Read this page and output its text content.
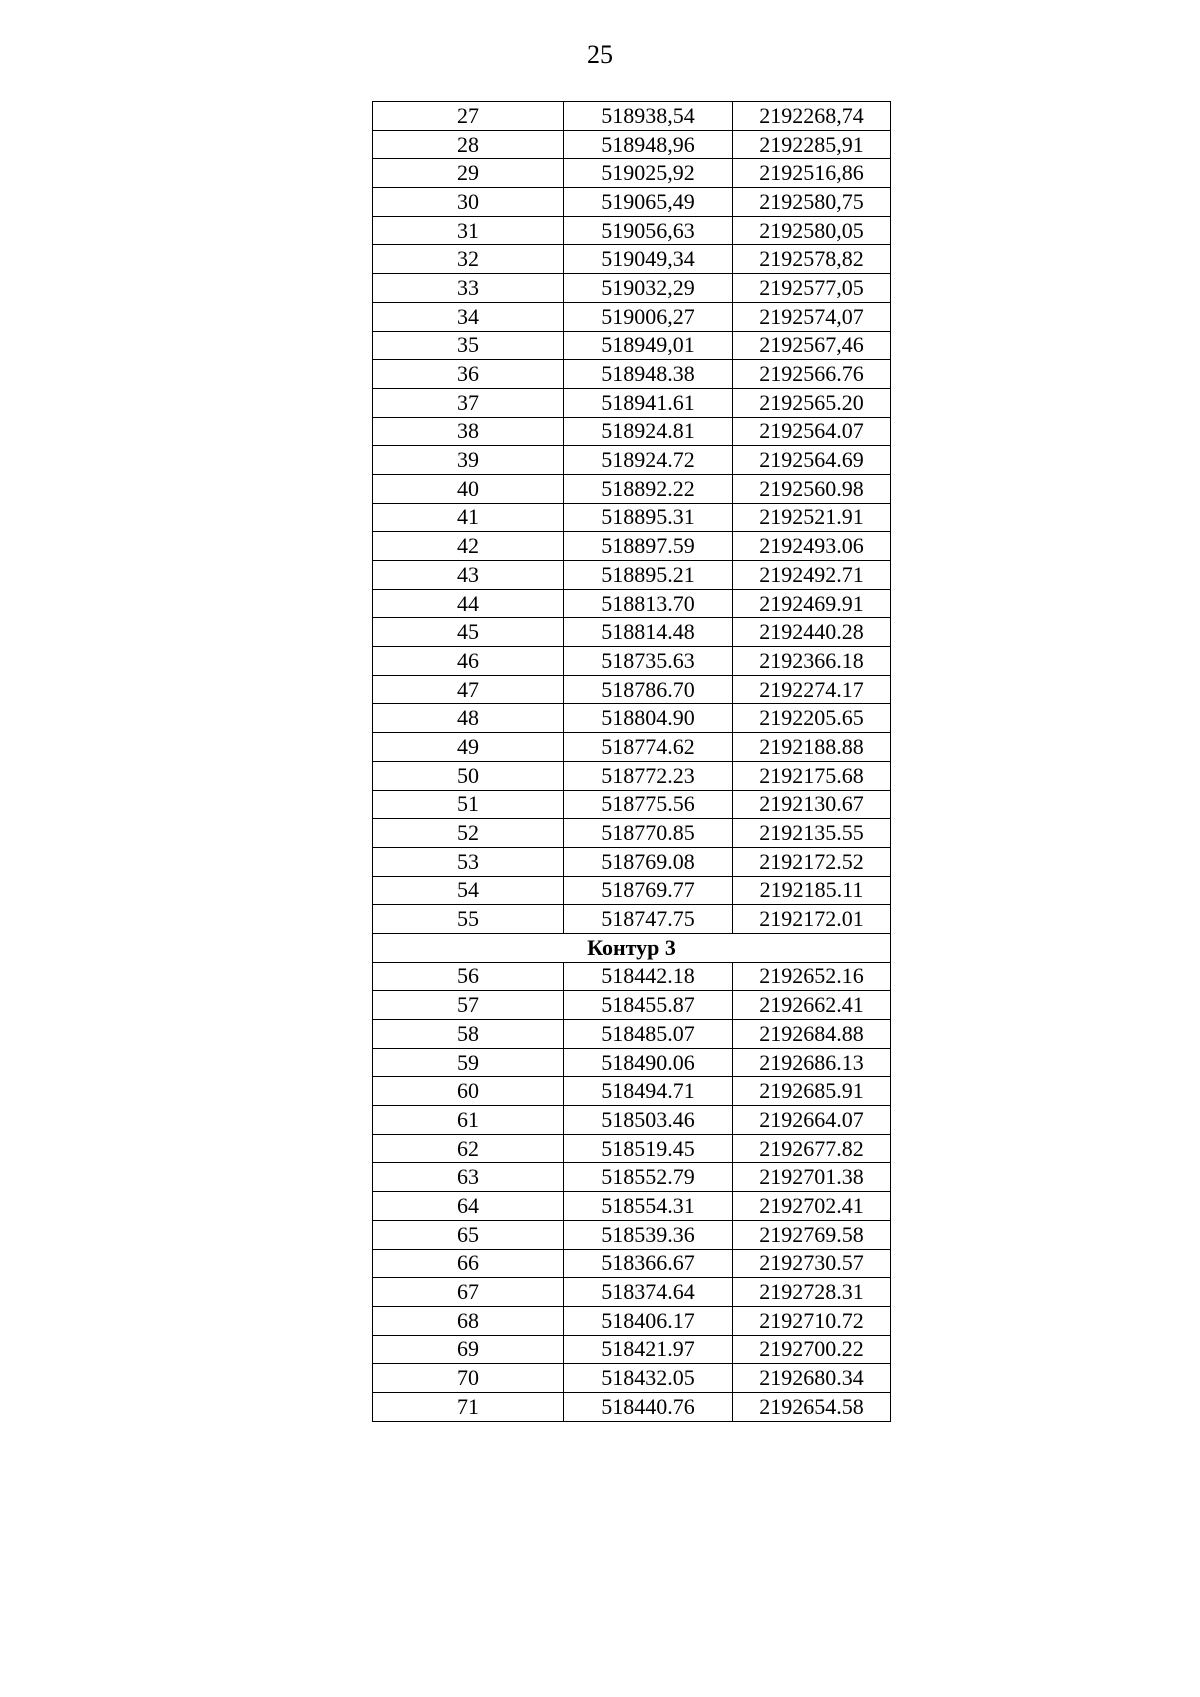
25
27	518938,54	2192268,74
28	518948,96	2192285,91
29	519025,92	2192516,86
30	519065,49	2192580,75
31	519056,63	2192580,05
32	519049,34	2192578,82
33	519032,29	2192577,05
34	519006,27	2192574,07
35	518949,01	2192567,46
36	518948.38	2192566.76
37	518941.61	2192565.20
38	518924.81	2192564.07
39	518924.72	2192564.69
40	518892.22	2192560.98
41	518895.31	2192521.91
42	518897.59	2192493.06
43	518895.21	2192492.71
44	518813.70	2192469.91
45	518814.48	2192440.28
46	518735.63	2192366.18
47	518786.70	2192274.17
48	518804.90	2192205.65
49	518774.62	2192188.88
50	518772.23	2192175.68
51	518775.56	2192130.67
52	518770.85	2192135.55
53	518769.08	2192172.52
54	518769.77	2192185.11
55	518747.75	2192172.01
Контур 3		
56	518442.18	2192652.16
57	518455.87	2192662.41
58	518485.07	2192684.88
59	518490.06	2192686.13
60	518494.71	2192685.91
61	518503.46	2192664.07
62	518519.45	2192677.82
63	518552.79	2192701.38
64	518554.31	2192702.41
65	518539.36	2192769.58
66	518366.67	2192730.57
67	518374.64	2192728.31
68	518406.17	2192710.72
69	518421.97	2192700.22
70	518432.05	2192680.34
71	518440.76	2192654.58
